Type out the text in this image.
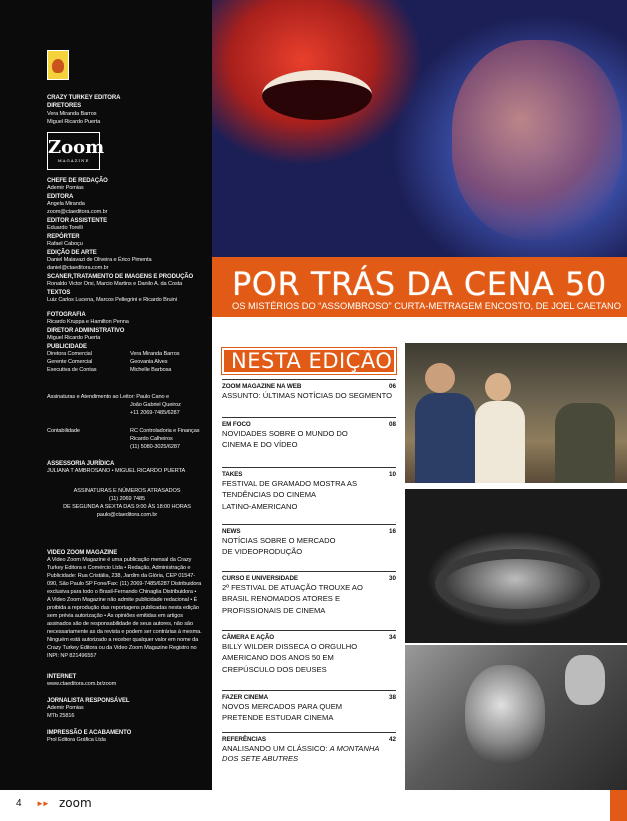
CRAZY TURKEY EDITORA
DIRETORES
Vera Miranda Barros
Miguel Ricardo Puerta
Zoom
MAGAZINE
CHEFE DE REDAÇÃO
Ademir Pomias
EDITORA
Angela Miranda
zoom@ctaeditora.com.br
EDITOR ASSISTENTE
Eduardo Torelli
REPÓRTER
Rafael Caboçu
EDIÇÃO DE ARTE
Daniel Malavazi de Oliveira e Érico Pimenta
daniel@ctaeditora.com.br
SCANER,TRATAMENTO DE IMAGENS E PRODUÇÃO
Ronaldo Victor Orsi, Marcio Martins e Danilo A. da Costa
TEXTOS
Luiz Carlos Lucena, Marcos Pellegrini e Ricardo Bruini
FOTOGRAFIA
Ricardo Kruppa e Hamilton Penna
DIRETOR ADMINISTRATIVO
Miguel Ricardo Puerta
PUBLICIDADE
Diretora Comercial	Vera Miranda Barros
Gerente Comercial	Geovania Alves
Executiva de Contas	Michelle Barbosa
Assinaturas e Atendimento ao Leitor: Paulo Cano e
João Gabriel Queiroz
+11 2069-7485/6287
Contabilidade	RC Controladoria e Finanças
Ricardo Calheiros
(11) 5080-3025/6287
ASSESSORIA JURÍDICA
JULIANA T AMBROSANO • MIGUEL RICARDO PUERTA
ASSINATURAS E NÚMEROS ATRASADOS
(11) 2069 7485
DE SEGUNDA A SEXTA DAS 9:00 ÀS 18:00 HORAS
paulo@ctaeditora.com.br
VIDEO ZOOM MAGAZINE
A Video Zoom Magazine é uma publicação mensal da Crazy
Turkey Editora e Comércio Ltda • Redação, Administração e
Publicidade: Rua Cristália, 238, Jardim da Glória, CEP 01547-
090, São Paulo SP Fone/Fax: (11) 2069-7485/6287 Distribuidora
exclusiva para todo o Brasil-Fernando Chinaglia Distribuidora •
A Video Zoom Magazine não admite publicidade redacional • É
proibida a reprodução das reportagens publicadas nesta edição
sem prévia autorização • As opiniões emitidas em artigos
assinados são de responsabilidade de seus autores, não são
necessariamente as da revista e podem ser contrárias à mesma.
Ninguém está autorizado a receber qualquer valor em nome da
Crazy Turkey Editora ou da Video Zoom Magazine Registro no
INPI: NP 821496557
INTERNET
www.ctaeditora.com.br/zoom
JORNALISTA RESPONSÁVEL
Ademir Pomias
MTb 25816
IMPRESSÃO E ACABAMENTO
Prol Editora Gráfica Ltda
POR TRÁS DA CENA 50
OS MISTÉRIOS DO “ASSOMBROSO” CURTA-METRAGEM ENCOSTO, DE JOEL CAETANO
NESTA EDIÇÃO
ZOOM MAGAZINE NA WEB	06
ASSUNTO: ÚLTIMAS NOTÍCIAS DO SEGMENTO
EM FOCO	08
NOVIDADES SOBRE O MUNDO DO
CINEMA E DO VÍDEO
TAKES	10
FESTIVAL DE GRAMADO MOSTRA AS
TENDÊNCIAS DO CINEMA
LATINO-AMERICANO
NEWS	16
NOTÍCIAS SOBRE O MERCADO
DE VIDEOPRODUÇÃO
CURSO E UNIVERSIDADE	30
2º FESTIVAL DE ATUAÇÃO TROUXE AO
BRASIL RENOMADOS ATORES E
PROFISSIONAIS DE CINEMA
CÂMERA E AÇÃO	34
BILLY WILDER DISSECA O ORGULHO
AMERICANO DOS ANOS 50 EM
CREPÚSCULO DOS DEUSES
FAZER CINEMA	38
NOVOS MERCADOS PARA QUEM
PRETENDE ESTUDAR CINEMA
REFERÊNCIAS	42
ANALISANDO UM CLÁSSICO: A MONTANHA
DOS SETE ABUTRES
4 ►► zoom
